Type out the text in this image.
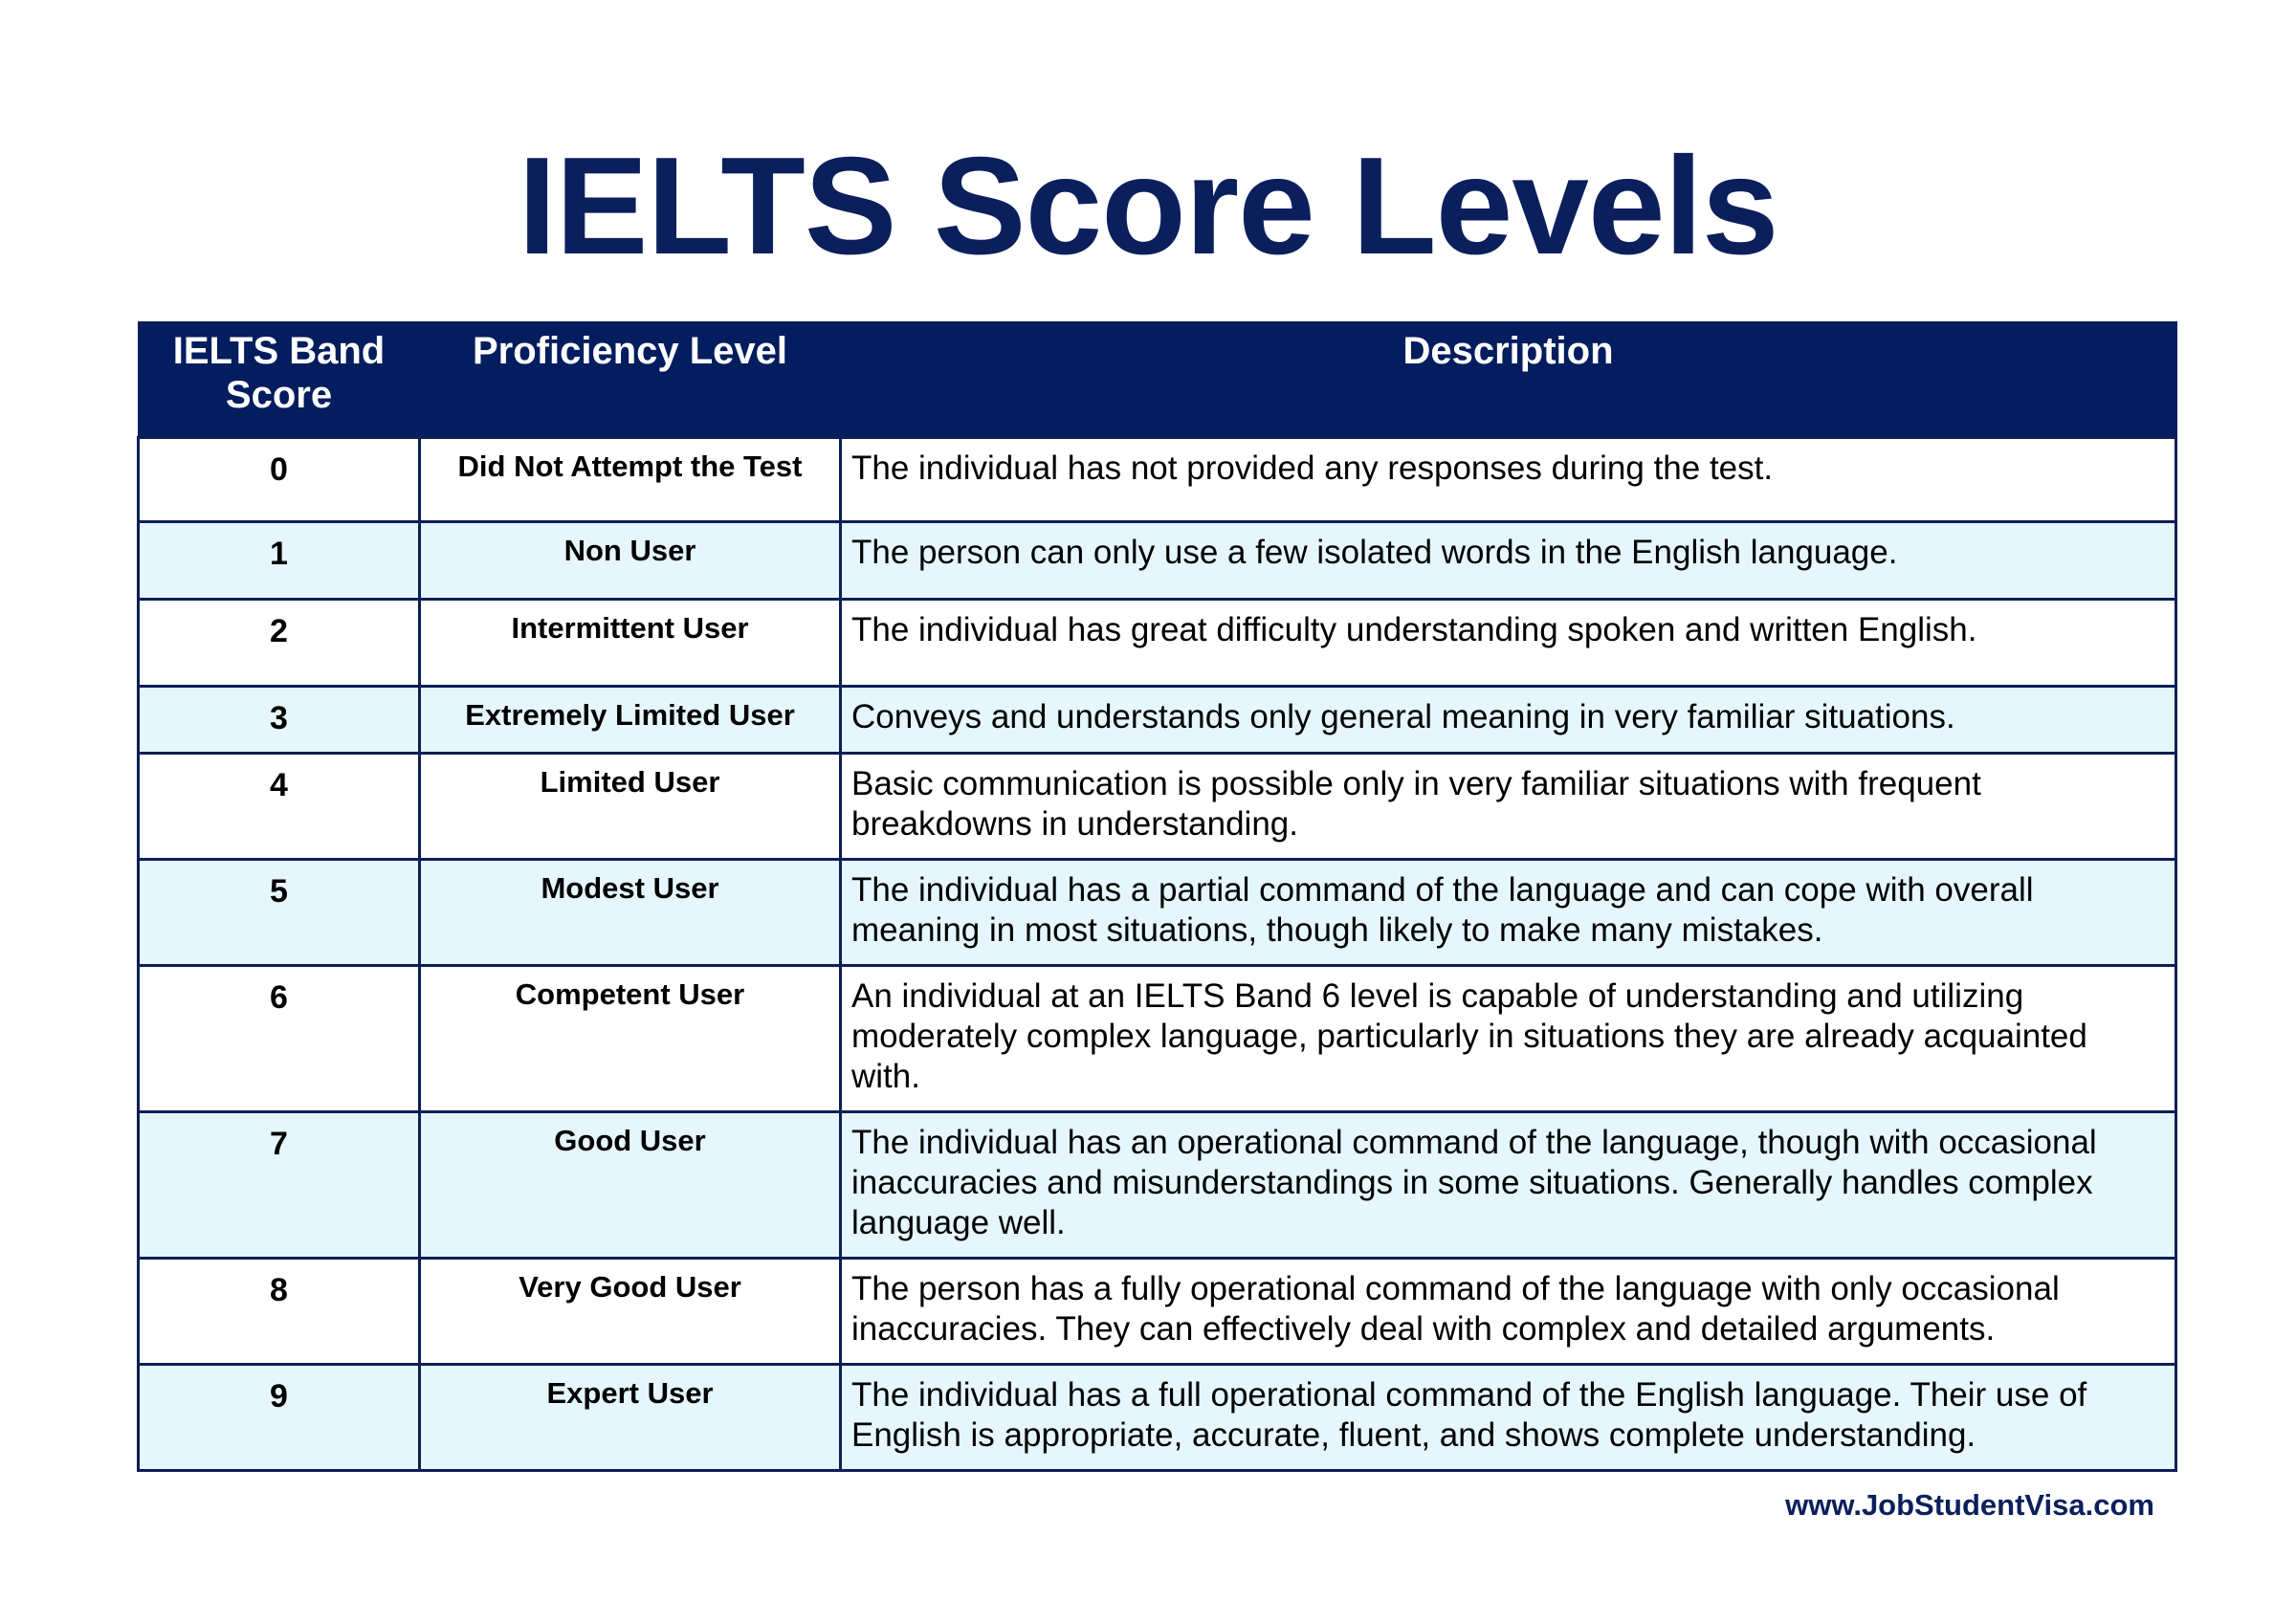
IELTS Score Levels
IELTS Band Score	Proficiency Level	Description
0	Did Not Attempt the Test	The individual has not provided any responses during the test.
1	Non User	The person can only use a few isolated words in the English language.
2	Intermittent User	The individual has great difficulty understanding spoken and written English.
3	Extremely Limited User	Conveys and understands only general meaning in very familiar situations.
4	Limited User	Basic communication is possible only in very familiar situations with frequent breakdowns in understanding.
5	Modest User	The individual has a partial command of the language and can cope with overall meaning in most situations, though likely to make many mistakes.
6	Competent User	An individual at an IELTS Band 6 level is capable of understanding and utilizing moderately complex language, particularly in situations they are already acquainted with.
7	Good User	The individual has an operational command of the language, though with occasional inaccuracies and misunderstandings in some situations. Generally handles complex language well.
8	Very Good User	The person has a fully operational command of the language with only occasional inaccuracies. They can effectively deal with complex and detailed arguments.
9	Expert User	The individual has a full operational command of the English language. Their use of English is appropriate, accurate, fluent, and shows complete understanding.
www.JobStudentVisa.com
